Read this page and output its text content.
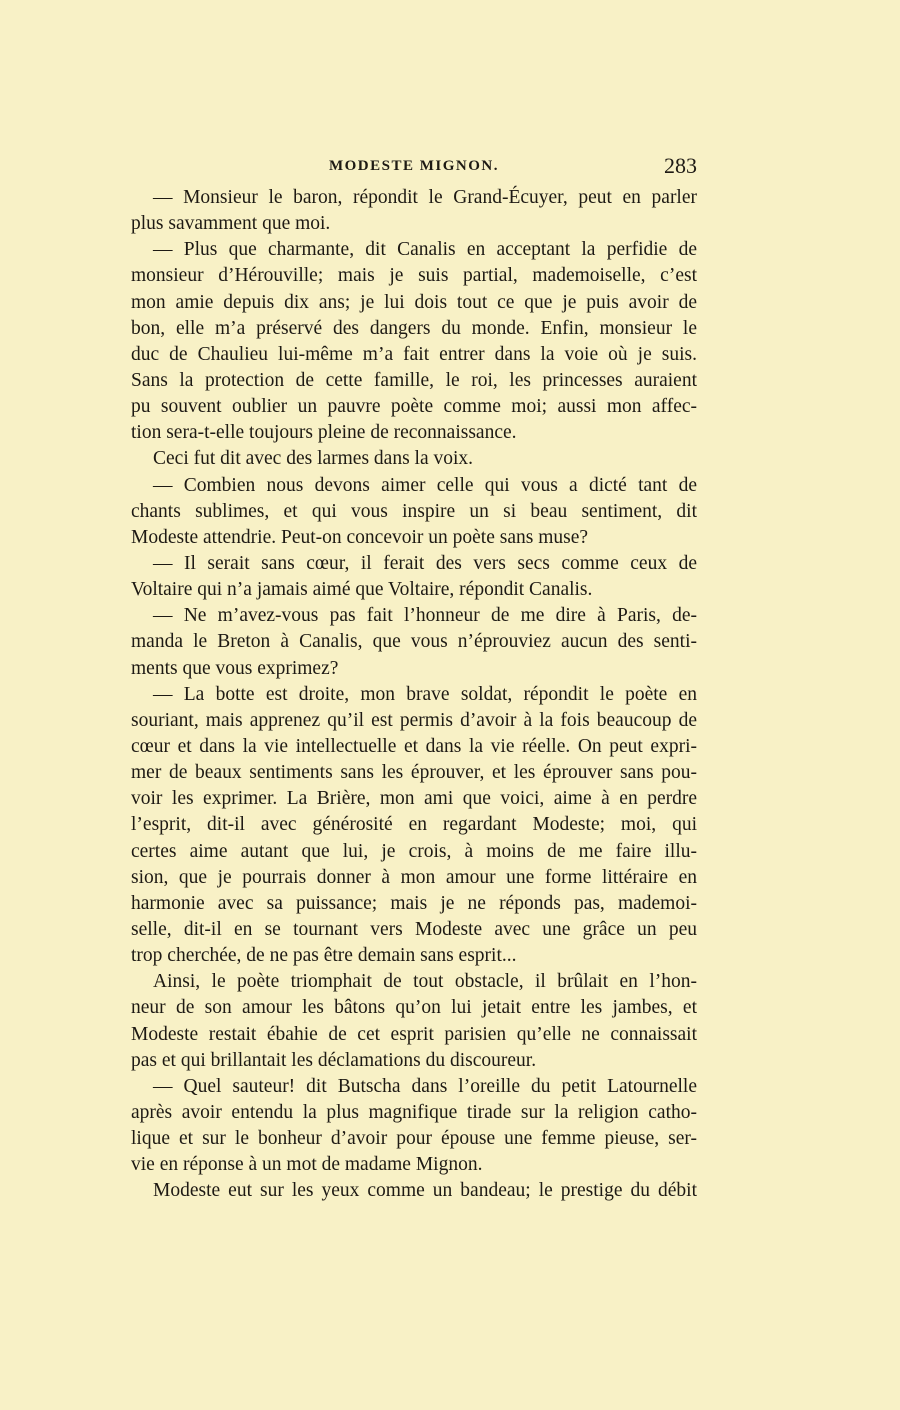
MODESTE MIGNON.	283
— Monsieur le baron, répondit le Grand-Écuyer, peut en parler
plus savamment que moi.
— Plus que charmante, dit Canalis en acceptant la perfidie de
monsieur d’Hérouville; mais je suis partial, mademoiselle, c’est
mon amie depuis dix ans; je lui dois tout ce que je puis avoir de
bon, elle m’a préservé des dangers du monde. Enfin, monsieur le
duc de Chaulieu lui-même m’a fait entrer dans la voie où je suis.
Sans la protection de cette famille, le roi, les princesses auraient
pu souvent oublier un pauvre poète comme moi; aussi mon affec-
tion sera-t-elle toujours pleine de reconnaissance.
Ceci fut dit avec des larmes dans la voix.
— Combien nous devons aimer celle qui vous a dicté tant de
chants sublimes, et qui vous inspire un si beau sentiment, dit
Modeste attendrie. Peut-on concevoir un poète sans muse?
— Il serait sans cœur, il ferait des vers secs comme ceux de
Voltaire qui n’a jamais aimé que Voltaire, répondit Canalis.
— Ne m’avez-vous pas fait l’honneur de me dire à Paris, de-
manda le Breton à Canalis, que vous n’éprouviez aucun des senti-
ments que vous exprimez?
— La botte est droite, mon brave soldat, répondit le poète en
souriant, mais apprenez qu’il est permis d’avoir à la fois beaucoup de
cœur et dans la vie intellectuelle et dans la vie réelle. On peut expri-
mer de beaux sentiments sans les éprouver, et les éprouver sans pou-
voir les exprimer. La Brière, mon ami que voici, aime à en perdre
l’esprit, dit-il avec générosité en regardant Modeste; moi, qui
certes aime autant que lui, je crois, à moins de me faire illu-
sion, que je pourrais donner à mon amour une forme littéraire en
harmonie avec sa puissance; mais je ne réponds pas, mademoi-
selle, dit-il en se tournant vers Modeste avec une grâce un peu
trop cherchée, de ne pas être demain sans esprit...
Ainsi, le poète triomphait de tout obstacle, il brûlait en l’hon-
neur de son amour les bâtons qu’on lui jetait entre les jambes, et
Modeste restait ébahie de cet esprit parisien qu’elle ne connaissait
pas et qui brillantait les déclamations du discoureur.
— Quel sauteur! dit Butscha dans l’oreille du petit Latournelle
après avoir entendu la plus magnifique tirade sur la religion catho-
lique et sur le bonheur d’avoir pour épouse une femme pieuse, ser-
vie en réponse à un mot de madame Mignon.
Modeste eut sur les yeux comme un bandeau; le prestige du débit
